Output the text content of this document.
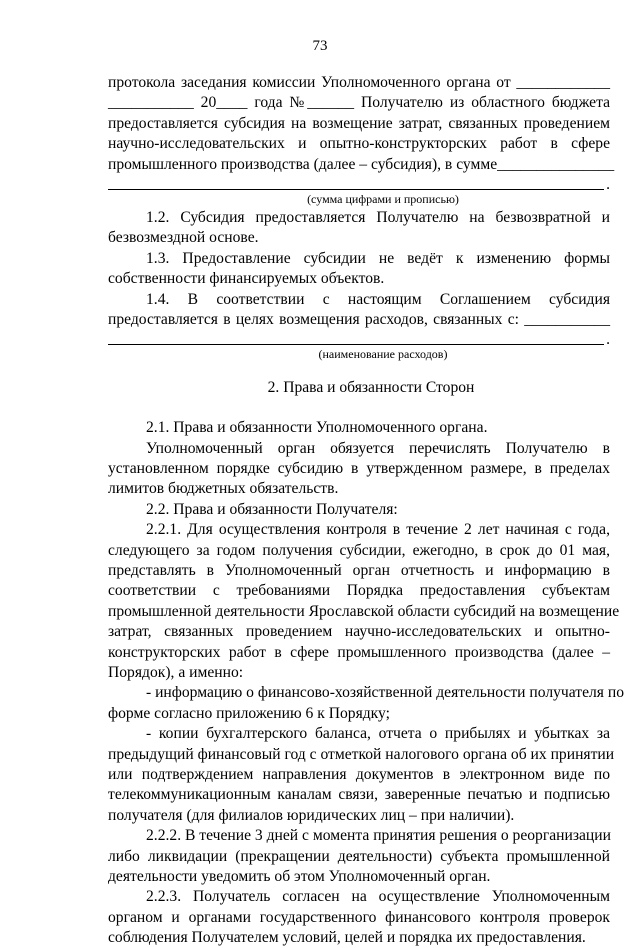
73
протокола заседания комиссии Уполномоченного органа от ____________
___________ 20____ года №______ Получателю из областного бюджета
предоставляется субсидия на возмещение затрат, связанных проведением
научно-исследовательских и опытно-конструкторских работ в сфере
промышленного производства (далее – субсидия), в сумме_______________
.
(сумма цифрами и прописью)
1.2. Субсидия предоставляется Получателю на безвозвратной и
безвозмездной основе.
1.3. Предоставление субсидии не ведёт к изменению формы
собственности финансируемых объектов.
1.4. В соответствии с настоящим Соглашением субсидия
предоставляется в целях возмещения расходов, связанных с: ___________
.
(наименование расходов)
2. Права и обязанности Сторон
2.1. Права и обязанности Уполномоченного органа.
Уполномоченный орган обязуется перечислять Получателю в
установленном порядке субсидию в утвержденном размере, в пределах
лимитов бюджетных обязательств.
2.2. Права и обязанности Получателя:
2.2.1. Для осуществления контроля в течение 2 лет начиная с года,
следующего за годом получения субсидии, ежегодно, в срок до 01 мая,
представлять в Уполномоченный орган отчетность и информацию в
соответствии с требованиями Порядка предоставления субъектам
промышленной деятельности Ярославской области субсидий на возмещение
затрат, связанных проведением научно-исследовательских и опытно-
конструкторских работ в сфере промышленного производства (далее –
Порядок), а именно:
- информацию о финансово-хозяйственной деятельности получателя по
форме согласно приложению 6 к Порядку;
- копии бухгалтерского баланса, отчета о прибылях и убытках за
предыдущий финансовый год с отметкой налогового органа об их принятии
или подтверждением направления документов в электронном виде по
телекоммуникационным каналам связи, заверенные печатью и подписью
получателя (для филиалов юридических лиц – при наличии).
2.2.2. В течение 3 дней с момента принятия решения о реорганизации
либо ликвидации (прекращении деятельности) субъекта промышленной
деятельности уведомить об этом Уполномоченный орган.
2.2.3. Получатель согласен на осуществление Уполномоченным
органом и органами государственного финансового контроля проверок
соблюдения Получателем условий, целей и порядка их предоставления.
